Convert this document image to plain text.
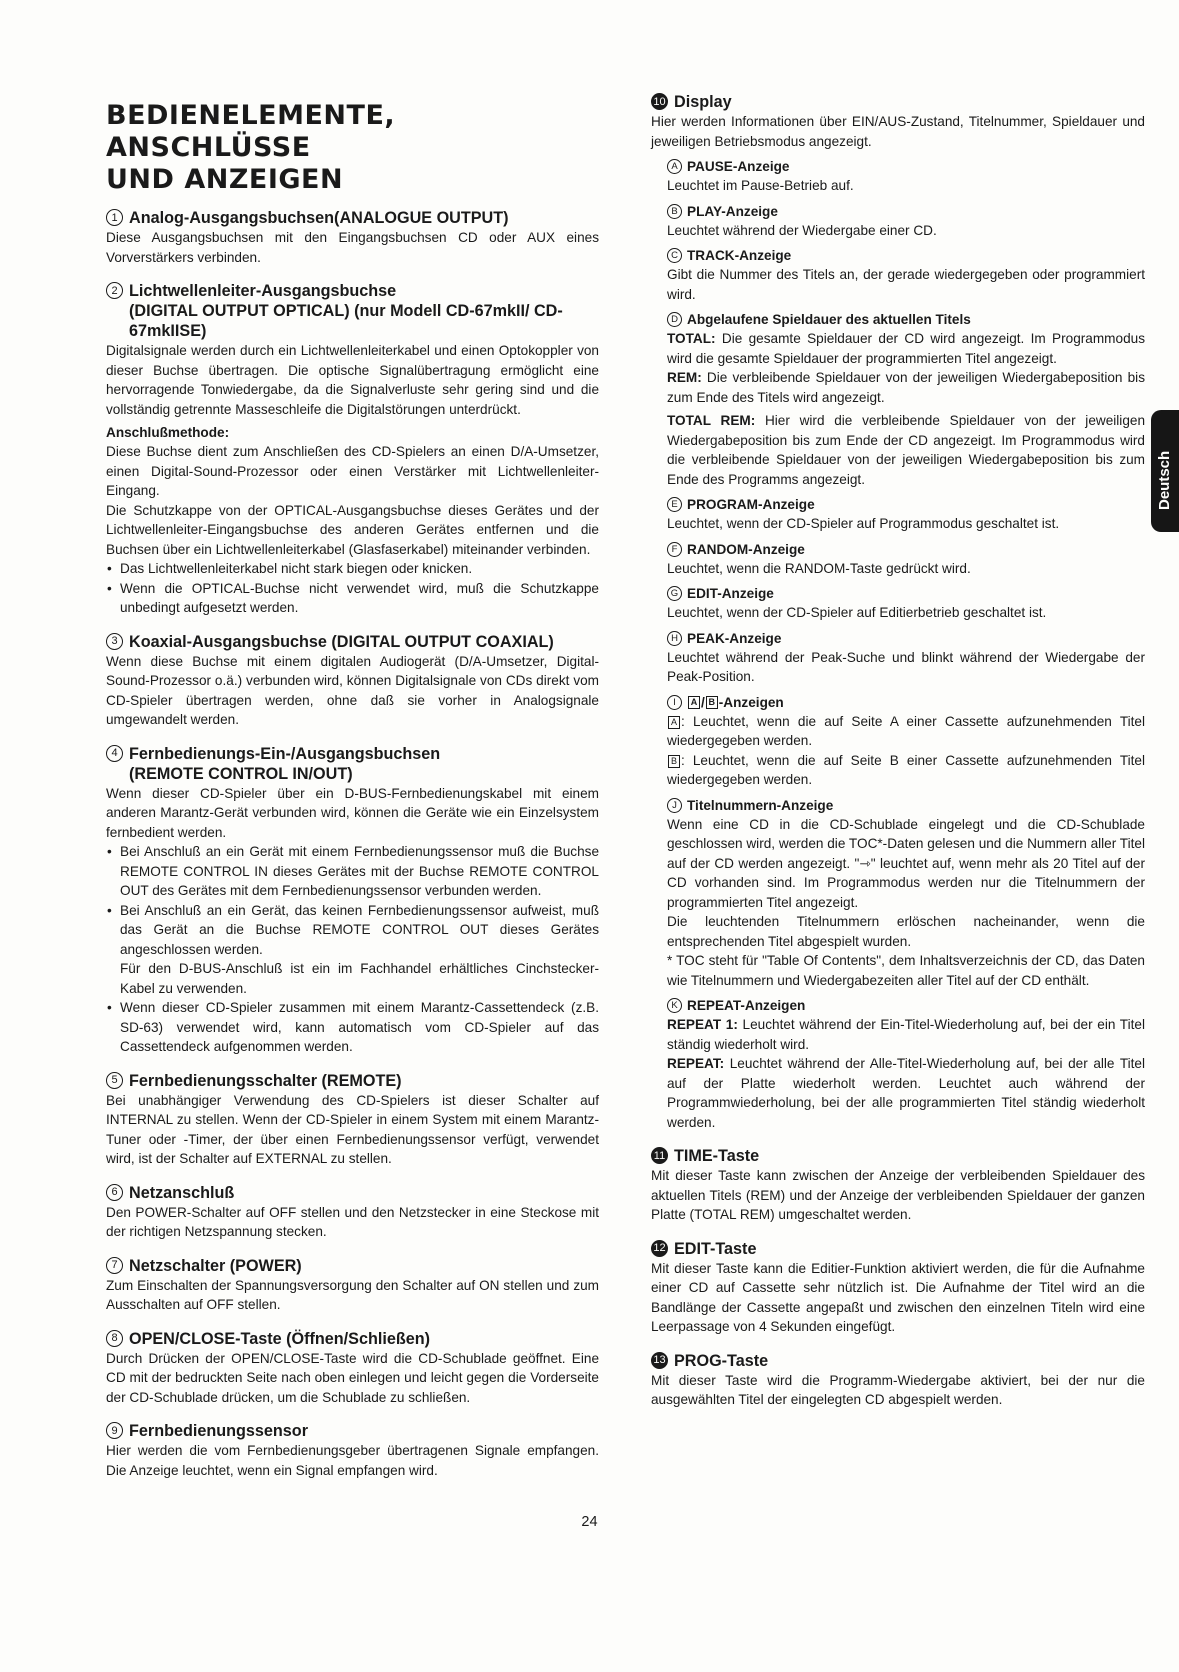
BEDIENELEMENTE, ANSCHLÜSSE
UND ANZEIGEN
1 Analog-Ausgangsbuchsen(ANALOGUE OUTPUT)

Diese Ausgangsbuchsen mit den Eingangsbuchsen CD oder AUX eines Vorverstärkers verbinden.

2 Lichtwellenleiter-Ausgangsbuchse
(DIGITAL OUTPUT OPTICAL) (nur Modell CD-67mkII/ CD-67mkIISE)

Digitalsignale werden durch ein Lichtwellenleiterkabel und einen Optokoppler von dieser Buchse übertragen. Die optische Signalübertragung ermöglicht eine hervorragende Tonwiedergabe, da die Signalverluste sehr gering sind und die vollständig getrennte Masseschleife die Digitalstörungen unterdrückt.

Anschlußmethode:

Diese Buchse dient zum Anschließen des CD-Spielers an einen D/A-Umsetzer, einen Digital-Sound-Prozessor oder einen Verstärker mit Lichtwellenleiter-Eingang.

Die Schutzkappe von der OPTICAL-Ausgangsbuchse dieses Gerätes und der Lichtwellenleiter-Eingangsbuchse des anderen Gerätes entfernen und die Buchsen über ein Lichtwellenleiterkabel (Glasfaserkabel) miteinander verbinden.

• Das Lichtwellenleiterkabel nicht stark biegen oder knicken.
• Wenn die OPTICAL-Buchse nicht verwendet wird, muß die Schutzkappe unbedingt aufgesetzt werden.
3 Koaxial-Ausgangsbuchse (DIGITAL OUTPUT COAXIAL)

Wenn diese Buchse mit einem digitalen Audiogerät (D/A-Umsetzer, Digital-Sound-Prozessor o.ä.) verbunden wird, können Digitalsignale von CDs direkt vom CD-Spieler übertragen werden, ohne daß sie vorher in Analogsignale umgewandelt werden.

4 Fernbedienungs-Ein-/Ausgangsbuchsen
(REMOTE CONTROL IN/OUT)

Wenn dieser CD-Spieler über ein D-BUS-Fernbedienungskabel mit einem anderen Marantz-Gerät verbunden wird, können die Geräte wie ein Einzelsystem fernbedient werden.

• Bei Anschluß an ein Gerät mit einem Fernbedienungssensor muß die Buchse REMOTE CONTROL IN dieses Gerätes mit der Buchse REMOTE CONTROL OUT des Gerätes mit dem Fernbedienungssensor verbunden werden.
• Bei Anschluß an ein Gerät, das keinen Fernbedienungssensor aufweist, muß das Gerät an die Buchse REMOTE CONTROL OUT dieses Gerätes angeschlossen werden.
Für den D-BUS-Anschluß ist ein im Fachhandel erhältliches Cinchstecker-Kabel zu verwenden.
• Wenn dieser CD-Spieler zusammen mit einem Marantz-Cassettendeck (z.B. SD-63) verwendet wird, kann automatisch vom CD-Spieler auf das Cassettendeck aufgenommen werden.
5 Fernbedienungsschalter (REMOTE)

Bei unabhängiger Verwendung des CD-Spielers ist dieser Schalter auf INTERNAL zu stellen. Wenn der CD-Spieler in einem System mit einem Marantz-Tuner oder -Timer, der über einen Fernbedienungssensor verfügt, verwendet wird, ist der Schalter auf EXTERNAL zu stellen.

6 Netzanschluß

Den POWER-Schalter auf OFF stellen und den Netzstecker in eine Steckose mit der richtigen Netzspannung stecken.

7 Netzschalter (POWER)

Zum Einschalten der Spannungsversorgung den Schalter auf ON stellen und zum Ausschalten auf OFF stellen.

8 OPEN/CLOSE-Taste (Öffnen/Schließen)

Durch Drücken der OPEN/CLOSE-Taste wird die CD-Schublade geöffnet. Eine CD mit der bedruckten Seite nach oben einlegen und leicht gegen die Vorderseite der CD-Schublade drücken, um die Schublade zu schließen.

9 Fernbedienungssensor

Hier werden die vom Fernbedienungsgeber übertragenen Signale empfangen. Die Anzeige leuchtet, wenn ein Signal empfangen wird.

10 Display

Hier werden Informationen über EIN/AUS-Zustand, Titelnummer, Spieldauer und jeweiligen Betriebsmodus angezeigt.

A PAUSE-Anzeige

Leuchtet im Pause-Betrieb auf.

B PLAY-Anzeige

Leuchtet während der Wiedergabe einer CD.

C TRACK-Anzeige

Gibt die Nummer des Titels an, der gerade wiedergegeben oder programmiert wird.

D Abgelaufene Spieldauer des aktuellen Titels

TOTAL: Die gesamte Spieldauer der CD wird angezeigt. Im Programmodus wird die gesamte Spieldauer der programmierten Titel angezeigt.

REM: Die verbleibende Spieldauer von der jeweiligen Wiedergabeposition bis zum Ende des Titels wird angezeigt.

TOTAL REM: Hier wird die verbleibende Spieldauer von der jeweiligen Wiedergabeposition bis zum Ende der CD angezeigt. Im Programmodus wird die verbleibende Spieldauer von der jeweiligen Wiedergabeposition bis zum Ende des Programms angezeigt.

E PROGRAM-Anzeige

Leuchtet, wenn der CD-Spieler auf Programmodus geschaltet ist.

F RANDOM-Anzeige

Leuchtet, wenn die RANDOM-Taste gedrückt wird.

G EDIT-Anzeige

Leuchtet, wenn der CD-Spieler auf Editierbetrieb geschaltet ist.

H PEAK-Anzeige

Leuchtet während der Peak-Suche und blinkt während der Wiedergabe der Peak-Position.

I	A / B -Anzeigen

A : Leuchtet, wenn die auf Seite A einer Cassette aufzunehmenden Titel wiedergegeben werden.

B : Leuchtet, wenn die auf Seite B einer Cassette aufzunehmenden Titel wiedergegeben werden.

J Titelnummern-Anzeige

Wenn eine CD in die CD-Schublade eingelegt und die CD-Schublade geschlossen wird, werden die TOC*-Daten gelesen und die Nummern aller Titel auf der CD werden angezeigt. "⇾" leuchtet auf, wenn mehr als 20 Titel auf der CD vorhanden sind. Im Programmodus werden nur die Titelnummern der programmierten Titel angezeigt.

Die leuchtenden Titelnummern erlöschen nacheinander, wenn die entsprechenden Titel abgespielt wurden.

* TOC steht für "Table Of Contents", dem Inhaltsverzeichnis der CD, das Daten wie Titelnummern und Wiedergabezeiten aller Titel auf der CD enthält.

K REPEAT-Anzeigen

REPEAT 1: Leuchtet während der Ein-Titel-Wiederholung auf, bei der ein Titel ständig wiederholt wird.

REPEAT: Leuchtet während der Alle-Titel-Wiederholung auf, bei der alle Titel auf der Platte wiederholt werden. Leuchtet auch während der Programmwiederholung, bei der alle programmierten Titel ständig wiederholt werden.

11 TIME-Taste

Mit dieser Taste kann zwischen der Anzeige der verbleibenden Spieldauer des aktuellen Titels (REM) und der Anzeige der verbleibenden Spieldauer der ganzen Platte (TOTAL REM) umgeschaltet werden.

12 EDIT-Taste

Mit dieser Taste kann die Editier-Funktion aktiviert werden, die für die Aufnahme einer CD auf Cassette sehr nützlich ist. Die Aufnahme der Titel wird an die Bandlänge der Cassette angepaßt und zwischen den einzelnen Titeln wird eine Leerpassage von 4 Sekunden eingefügt.

13 PROG-Taste

Mit dieser Taste wird die Programm-Wiedergabe aktiviert, bei der nur die ausgewählten Titel der eingelegten CD abgespielt werden.

Deutsch
24
